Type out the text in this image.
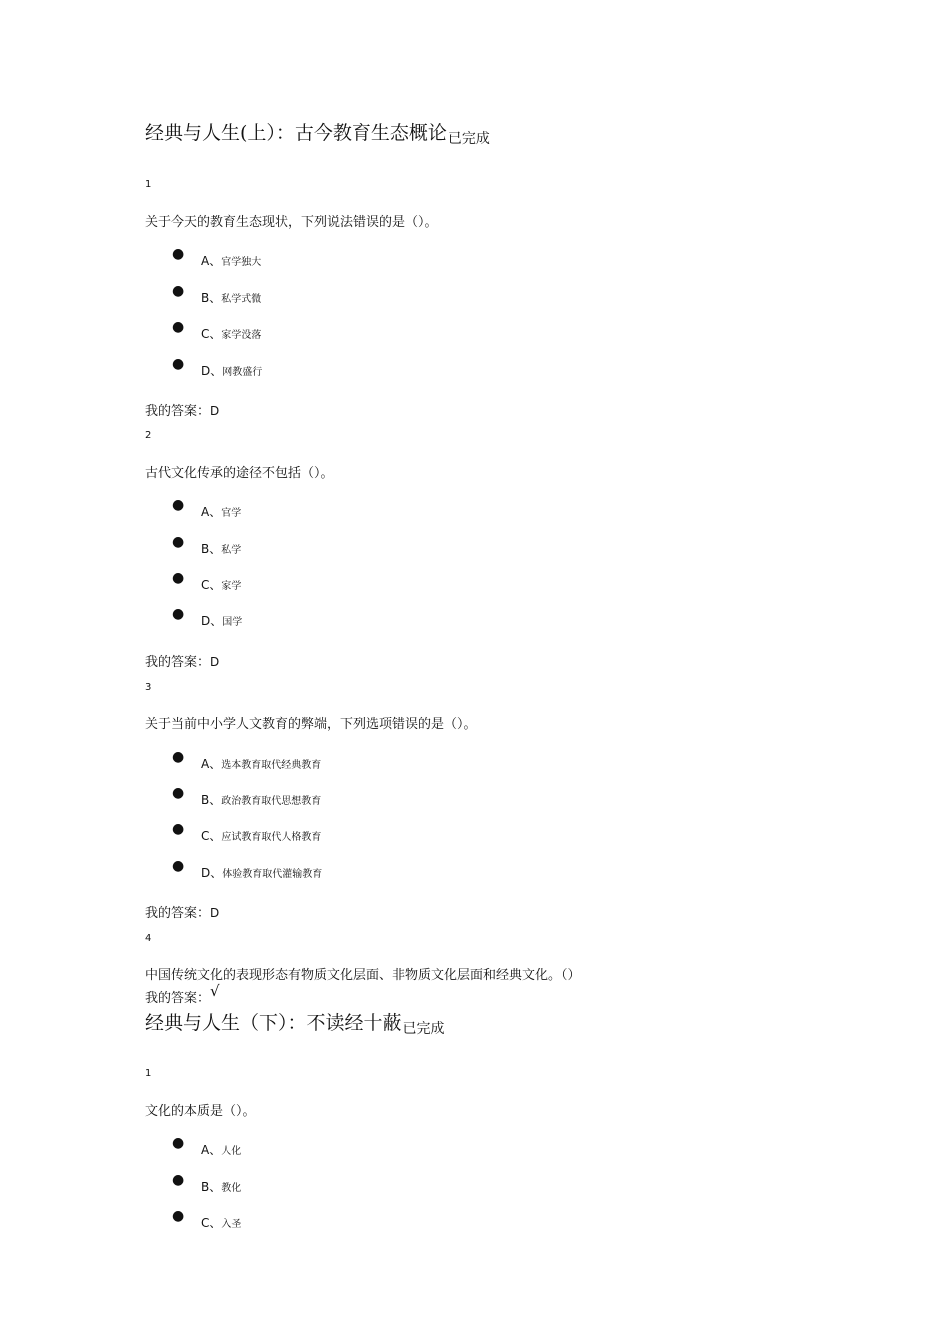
经典与人生(上）：古今教育生态概论$_{已完成}$
1
关于今天的教育生态现状，下列说法错误的是（）。
● A、官学独大
● B、私学式微
● C、家学没落
● D、网教盛行
我的答案：D
2
古代文化传承的途径不包括（）。
● A、官学
● B、私学
● C、家学
● D、国学
我的答案：D
3
关于当前中小学人文教育的弊端，下列选项错误的是（）。
● A、选本教育取代经典教育
● B、政治教育取代思想教育
● C、应试教育取代人格教育
● D、体验教育取代灌输教育
我的答案：D
4
中国传统文化的表现形态有物质文化层面、非物质文化层面和经典文化。（）
我的答案：√
经典与人生（下）：不读经十蔽$_{已完成}$
1
文化的本质是（）。
● A、人化
● B、教化
● C、入圣
